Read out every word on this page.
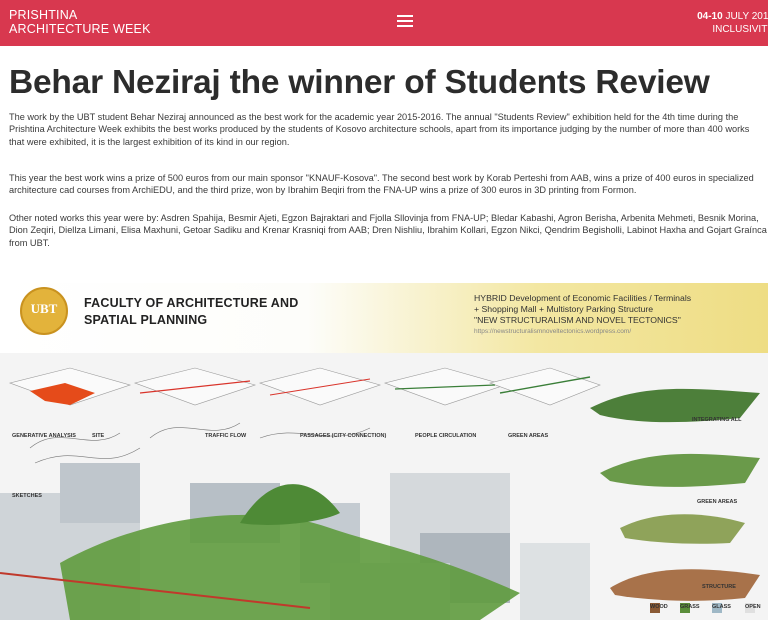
PRISHTINA
ARCHITECTURE WEEK
04-10 JULY 2016
INCLUSIVITY
Behar Neziraj the winner of Students Review

The work by the UBT student Behar Neziraj announced as the best work for the academic year 2015-2016. The annual "Students Review" exhibition held for the 4th time during the Prishtina Architecture Week exhibits the best works produced by the students of Kosovo architecture schools, apart from its importance judging by the number of more than 400 works that were exhibited, it is the largest exhibition of its kind in our region.

This year the best work wins a prize of 500 euros from our main sponsor "KNAUF-Kosova". The second best work by Korab Perteshi from AAB, wins a prize of 400 euros in specialized architecture cad courses from ArchiEDU, and the third prize, won by Ibrahim Beqiri from the FNA-UP wins a prize of 300 euros in 3D printing from Formon.

Other noted works this year were by: Asdren Spahija, Besmir Ajeti, Egzon Bajraktari and Fjolla Sllovinja from FNA-UP; Bledar Kabashi, Agron Berisha, Arbenita Mehmeti, Besnik Morina, Dion Zeqiri, Diellza Limani, Elisa Maxhuni, Getoar Sadiku and Krenar Krasniqi from AAB; Dren Nishliu, Ibrahim Kollari, Egzon Nikci, Qendrim Begisholli, Labinot Haxha and Gojart Graínca from UBT.

UBT	FACULTY OF ARCHITECTURE AND
SPATIAL PLANNING
HYBRID Development of Economic Facilities / Terminals
+ Shopping Mall + Multistory Parking Structure
"NEW STRUCTURALISM AND NOVEL TECTONICS"
https://newstructuralismnoveltectonics.wordpress.com/
GENERATIVE ANALYSIS	SITE	TRAFFIC FLOW	PASSAGES (CITY CONNECTION)	PEOPLE CIRCULATION	GREEN AREAS
INTEGRATING ALL
SKETCHES
GREEN AREAS
STRUCTURE
WOOD GRASS GLASS	OPEN
